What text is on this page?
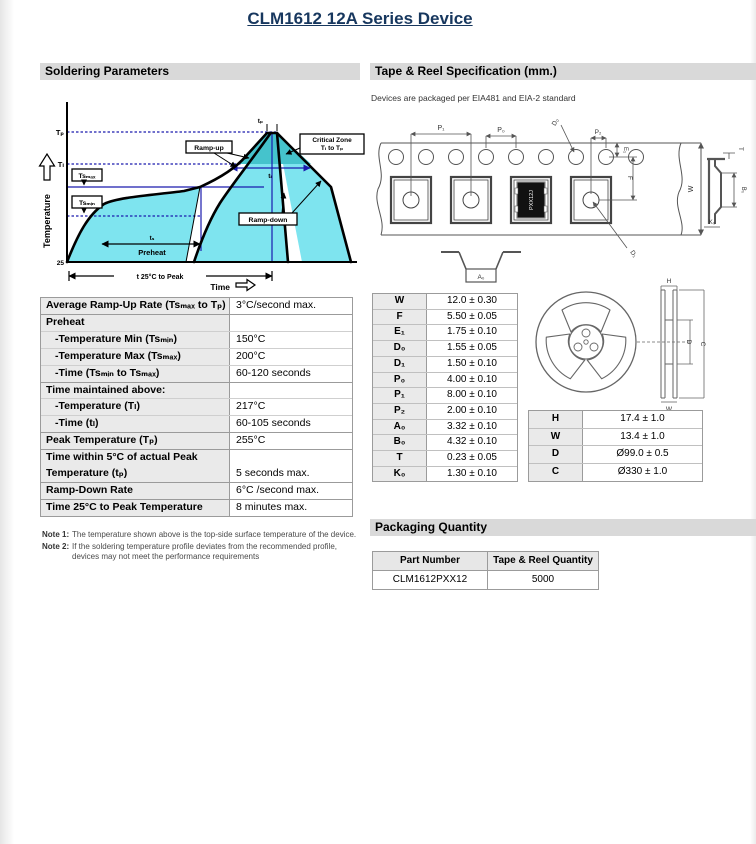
CLM1612 12A Series Device
Soldering Parameters	Tape & Reel Specification (mm.)
Devices are packaged per EIA481 and EIA-2 standard
Temperature
Time
Tₚ
Tₗ
25
Tsₘₐₓ
Tsₘᵢₙ
Ramp-up
Critical Zone
Tₗ to Tₚ
Ramp-down
tₚ
tₗ
tₛ
Preheat
t 25°C to Peak
Average Ramp-Up Rate (Tsₘₐₓ to Tₚ) 3°C/second max.
Preheat
-Temperature Min (Tsₘᵢₙ)	150°C
-Temperature Max (Tsₘₐₓ)	200°C
-Time (Tsₘᵢₙ to Tsₘₐₓ)	60-120 seconds
Time maintained above:
-Temperature (Tₗ)	217°C
-Time (tₗ)	60-105 seconds
Peak Temperature (Tₚ)	255°C
Time within 5°C of actual Peak
Temperature (tₚ)	5 seconds max.
Ramp-Down Rate	6°C /second max.
Time 25°C to Peak Temperature	8 minutes max.
Note 1: The temperature shown above is the top-side surface temperature of the device.
Note 2: If the soldering temperature profile deviates from the recommended profile, devices may not meet the performance requirements
PXX12J
P₁	P₀
D₀
P₂
E₁
F
W
D₁
A₀
T
B₀
K₀
W	12.0 ± 0.30
F	5.50 ± 0.05
E₁	1.75 ± 0.10
D₀	1.55 ± 0.05
D₁	1.50 ± 0.10
P₀	4.00 ± 0.10
P₁	8.00 ± 0.10
P₂	2.00 ± 0.10
A₀	3.32 ± 0.10
B₀	4.32 ± 0.10
T	0.23 ± 0.05
K₀	1.30 ± 0.10
H
D C
H	17.4 ± 1.0
W	13.4 ± 1.0
D	Ø99.0 ± 0.5
C	Ø330 ± 1.0
Packaging Quantity
Part Number	Tape & Reel Quantity
CLM1612PXX12	5000
